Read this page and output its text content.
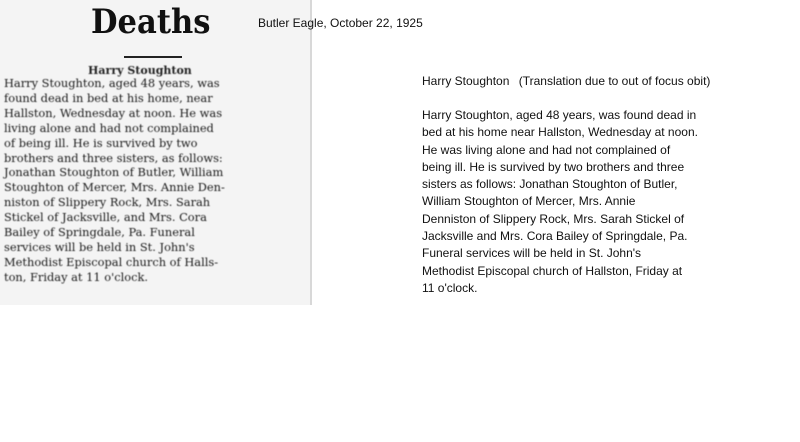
Deaths
Harry Stoughton
Harry Stoughton, aged 48 years, was
found dead in bed at his home, near
Hallston, Wednesday at noon. He was
living alone and had not complained
of being ill. He is survived by two
brothers and three sisters, as follows:
Jonathan Stoughton of Butler, William
Stoughton of Mercer, Mrs. Annie Den-
niston of Slippery Rock, Mrs. Sarah
Stickel of Jacksville, and Mrs. Cora
Bailey of Springdale, Pa. Funeral
services will be held in St. John's
Methodist Episcopal church of Halls-
ton, Friday at 11 o'clock.
Butler Eagle, October 22, 1925
Harry Stoughton (Translation due to out of focus obit)
Harry Stoughton, aged 48 years, was found dead in
bed at his home near Hallston, Wednesday at noon.
He was living alone and had not complained of
being ill. He is survived by two brothers and three
sisters as follows: Jonathan Stoughton of Butler,
William Stoughton of Mercer, Mrs. Annie
Denniston of Slippery Rock, Mrs. Sarah Stickel of
Jacksville and Mrs. Cora Bailey of Springdale, Pa.
Funeral services will be held in St. John's
Methodist Episcopal church of Hallston, Friday at
11 o'clock.
